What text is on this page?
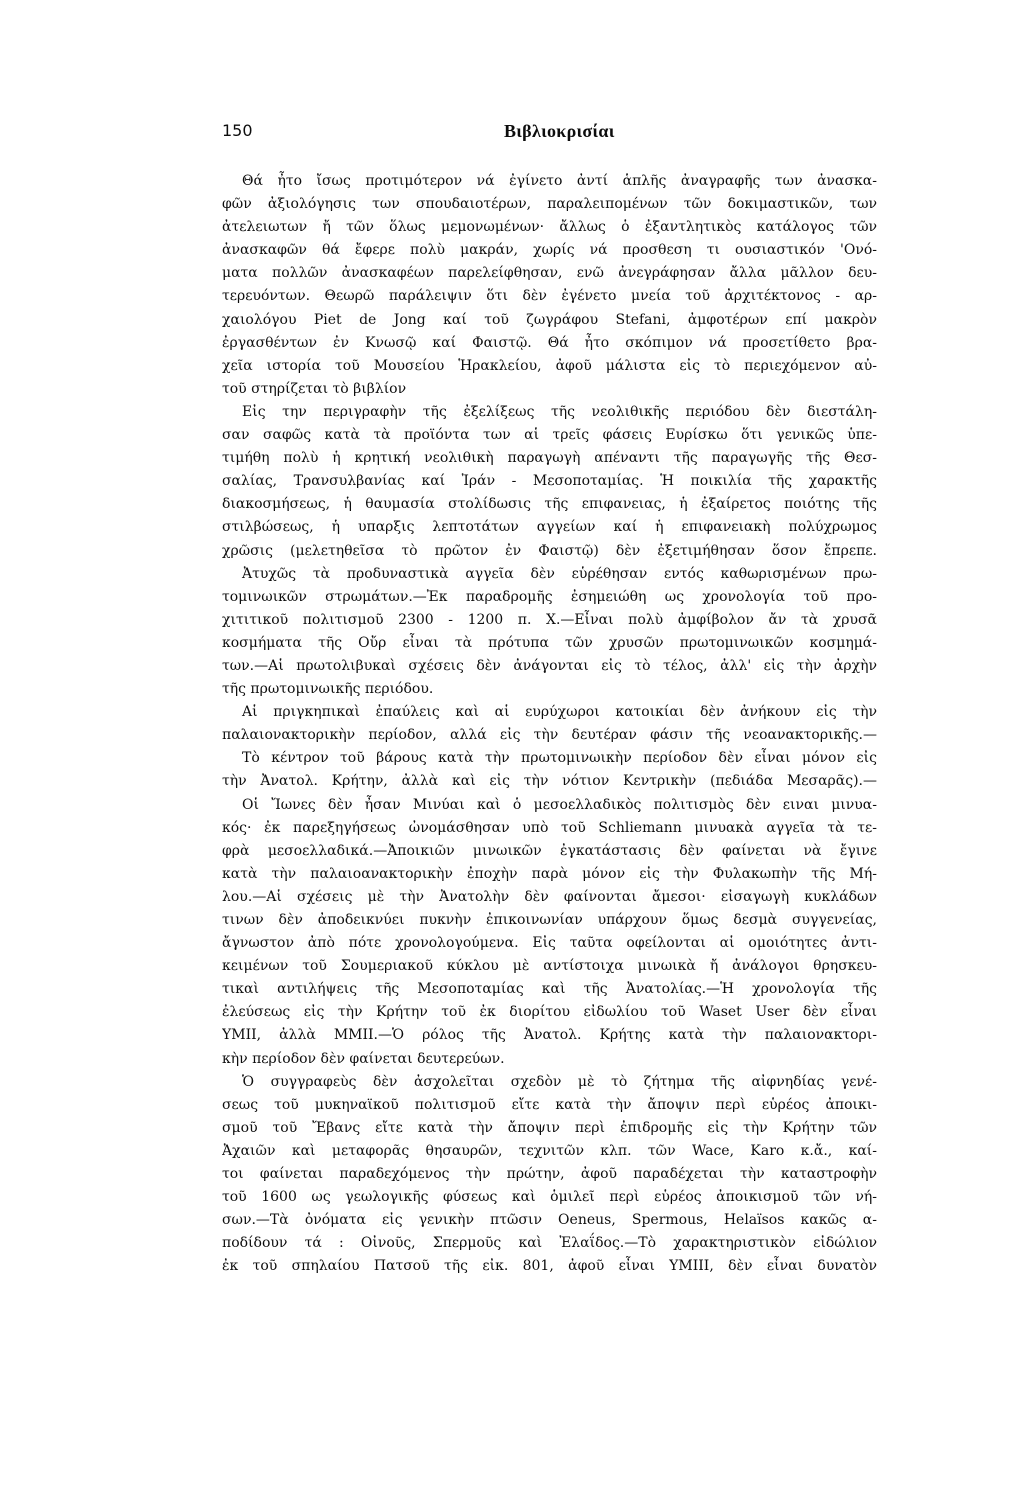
150	Βιβλιοκρισίαι
Θά ἦτο ἴσως προτιμότερον νά ἐγίνετο ἀντί ἁπλῆς ἀναγραφῆς των ἀνασκα-
φῶν ἀξιολόγησις των σπουδαιοτέρων, παραλειπομένων τῶν δοκιμαστικῶν, των
ἀτελειωτων ἤ τῶν ὅλως μεμονωμένων· ἄλλως ὁ ἐξαντλητικὸς κατάλογος τῶν
ἀνασκαφῶν θά ἔφερε πολὺ μακράν, χωρίς νά προσθεση τι ουσιαστικόν 'Ονό-
ματα πολλῶν ἀνασκαφέων παρελείφθησαν, ενῶ ἀνεγράφησαν ἄλλα μᾶλλον δευ-
τερευόντων. Θεωρῶ παράλειψιν ὅτι δὲν ἐγένετο μνεία τοῦ ἀρχιτέκτονος - αρ-
χαιολόγου Piet de Jong καί τοῦ ζωγράφου Stefani, ἀμφοτέρων επί μακρὸν
ἐργασθέντων ἐν Κνωσῷ καί Φαιστῷ. Θά ἦτο σκόπιμον νά προσετίθετο βρα-
χεῖα ιστορία τοῦ Μουσείου Ἡρακλείου, ἀφοῦ μάλιστα εἰς τὸ περιεχόμενον αὐ-
τοῦ στηρίζεται τὸ βιβλίον
Εἰς την περιγραφὴν τῆς ἐξελίξεως τῆς νεολιθικῆς περιόδου δὲν διεστάλη-
σαν σαφῶς κατὰ τὰ προϊόντα των αἱ τρεῖς φάσεις Ευρίσκω ὅτι γενικῶς ὑπε-
τιμήθη πολὺ ἡ κρητική νεολιθικὴ παραγωγὴ απέναντι τῆς παραγωγῆς τῆς Θεσ-
σαλίας, Τρανσυλβανίας καί Ἰράν - Μεσοποταμίας. Ἡ ποικιλία τῆς χαρακτῆς
διακοσμήσεως, ἡ θαυμασία στολίδωσις τῆς επιφανειας, ἡ ἐξαίρετος ποιότης τῆς
στιλβώσεως, ἡ υπαρξις λεπτοτάτων αγγείων καί ἡ επιφανειακὴ πολύχρωμος
χρῶσις (μελετηθεῖσα τὸ πρῶτον ἐν Φαιστῷ) δὲν ἐξετιμήθησαν ὅσον ἔπρεπε.
Ἀτυχῶς τὰ προδυναστικὰ αγγεῖα δὲν εὑρέθησαν εντός καθωρισμένων πρω-
τομινωικῶν στρωμάτων.—Ἐκ παραδρομῆς ἐσημειώθη ως χρονολογία τοῦ προ-
χιτιτικοῦ πολιτισμοῦ 2300 - 1200 π. Χ.—Εἶναι πολὺ ἀμφίβολον ἄν τὰ χρυσᾶ
κοσμήματα τῆς Οὔρ εἶναι τὰ πρότυπα τῶν χρυσῶν πρωτομινωικῶν κοσμημά-
των.—Αἱ πρωτολιβυκαὶ σχέσεις δὲν ἀνάγονται εἰς τὸ τέλος, ἀλλ' εἰς τὴν ἀρχὴν
τῆς πρωτομινωικῆς περιόδου.
Αἱ πριγκηπικαὶ ἐπαύλεις καὶ αἱ ευρύχωροι κατοικίαι δὲν ἀνήκουν εἰς τὴν
παλαιονακτορικὴν περίοδον, αλλά εἰς τὴν δευτέραν φάσιν τῆς νεοανακτορικῆς.—
Τὸ κέντρον τοῦ βάρους κατὰ τὴν πρωτομινωικὴν περίοδον δὲν εἶναι μόνον εἰς
τὴν Ἀνατολ. Κρήτην, ἀλλὰ καὶ εἰς τὴν νότιον Κεντρικὴν (πεδιάδα Μεσαρᾶς).—
Οἱ Ἴωνες δὲν ἦσαν Μινύαι καὶ ὁ μεσοελλαδικὸς πολιτισμὸς δὲν ειναι μινυα-
κός· ἐκ παρεξηγήσεως ὠνομάσθησαν υπὸ τοῦ Schliemann μινυακὰ αγγεῖα τὰ τε-
φρὰ μεσοελλαδικά.—Ἀποικιῶν μινωικῶν ἐγκατάστασις δὲν φαίνεται νὰ ἔγινε
κατὰ τὴν παλαιοανακτορικὴν ἐποχὴν παρὰ μόνον εἰς τὴν Φυλακωπὴν τῆς Μή-
λου.—Αἱ σχέσεις μὲ τὴν Ἀνατολὴν δὲν φαίνονται ἄμεσοι· εἰσαγωγὴ κυκλάδων
τινων δὲν ἀποδεικνύει πυκνὴν ἐπικοινωνίαν υπάρχουν ὅμως δεσμὰ συγγενείας,
ἄγνωστον ἀπὸ πότε χρονολογούμενα. Εἰς ταῦτα οφείλονται αἱ ομοιότητες ἀντι-
κειμένων τοῦ Σουμεριακοῦ κύκλου μὲ αντίστοιχα μινωικὰ ἤ ἀνάλογοι θρησκευ-
τικαὶ αντιλήψεις τῆς Μεσοποταμίας καὶ τῆς Ἀνατολίας.—Ἡ χρονολογία τῆς
ἐλεύσεως εἰς τὴν Κρήτην τοῦ ἐκ διορίτου εἰδωλίου τοῦ Waset User δὲν εἶναι
ΥΜΙΙ, ἀλλὰ ΜΜΙΙ.—Ὁ ρόλος τῆς Ἀνατολ. Κρήτης κατὰ τὴν παλαιονακτορι-
κὴν περίοδον δὲν φαίνεται δευτερεύων.
Ὁ συγγραφεὺς δὲν ἀσχολεῖται σχεδὸν μὲ τὸ ζήτημα τῆς αἰφνηδίας γενέ-
σεως τοῦ μυκηναϊκοῦ πολιτισμοῦ εἴτε κατὰ τὴν ἄποψιν περὶ εὑρέος ἀποικι-
σμοῦ τοῦ Ἔβανς εἴτε κατὰ τὴν ἄποψιν περὶ ἐπιδρομῆς εἰς τὴν Κρήτην τῶν
Ἀχαιῶν καὶ μεταφορᾶς θησαυρῶν, τεχνιτῶν κλπ. τῶν Wace, Karo κ.ἄ., καί-
τοι φαίνεται παραδεχόμενος τὴν πρώτην, ἀφοῦ παραδέχεται τὴν καταστροφὴν
τοῦ 1600 ως γεωλογικῆς φύσεως καὶ ὁμιλεῖ περὶ εὑρέος ἀποικισμοῦ τῶν νή-
σων.—Τὰ ὀνόματα εἰς γενικὴν πτῶσιν Oeneus, Spermous, Helaïsos κακῶς α-
ποδίδουν τά : Οἰνοῦς, Σπερμοῦς καὶ Ἐλαΐδος.—Τὸ χαρακτηριστικὸν εἰδώλιον
ἐκ τοῦ σπηλαίου Πατσοῦ τῆς εἰκ. 801, ἀφοῦ εἶναι ΥΜΙΙΙ, δὲν εἶναι δυνατὸν
